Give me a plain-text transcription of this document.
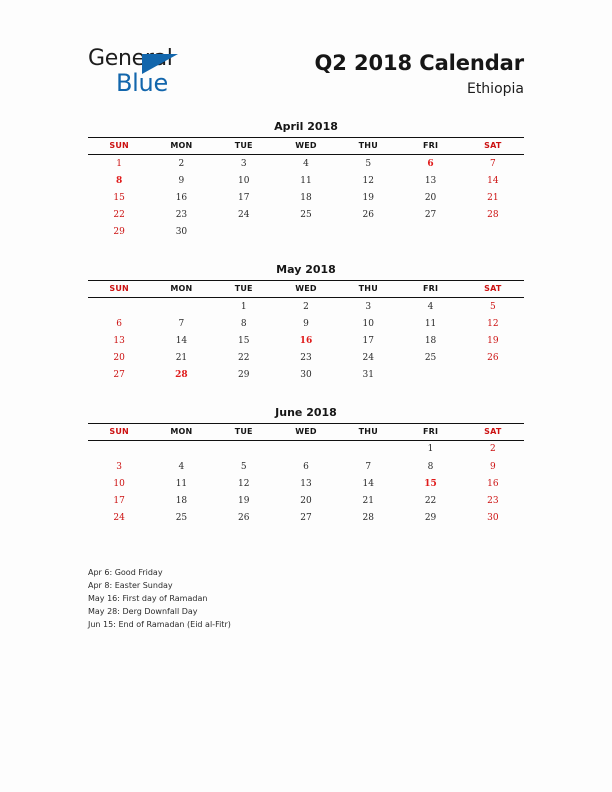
General
Blue
Q2 2018 Calendar
Ethiopia
April 2018
SUN	MON	TUE	WED	THU	FRI	SAT
1	2	3	4	5	6	7
8	9	10	11	12	13	14
15	16	17	18	19	20	21
22	23	24	25	26	27	28
29	30					
May 2018
SUN	MON	TUE	WED	THU	FRI	SAT
		1	2	3	4	5
6	7	8	9	10	11	12
13	14	15	16	17	18	19
20	21	22	23	24	25	26
27	28	29	30	31		
June 2018
SUN	MON	TUE	WED	THU	FRI	SAT
					1	2
3	4	5	6	7	8	9
10	11	12	13	14	15	16
17	18	19	20	21	22	23
24	25	26	27	28	29	30
Apr 6: Good Friday
Apr 8: Easter Sunday
May 16: First day of Ramadan
May 28: Derg Downfall Day
Jun 15: End of Ramadan (Eid al-Fitr)
